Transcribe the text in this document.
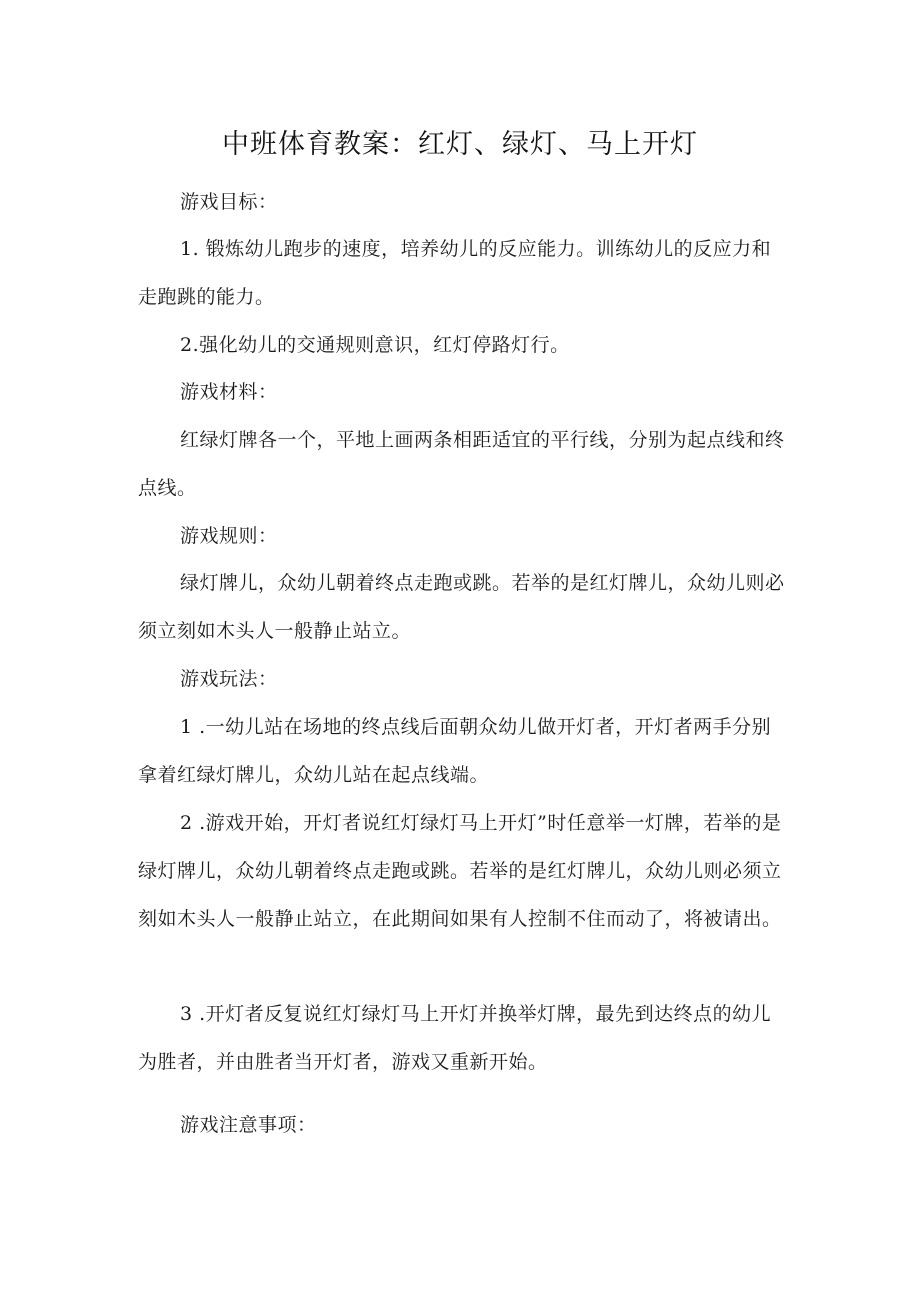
中班体育教案：红灯、绿灯、马上开灯

游戏目标：

1. 锻炼幼儿跑步的速度，培养幼儿的反应能力。训练幼儿的反应力和走跑跳的能力。

2.强化幼儿的交通规则意识，红灯停路灯行。

游戏材料：

红绿灯牌各一个，平地上画两条相距适宜的平行线，分别为起点线和终点线。

游戏规则：

绿灯牌儿，众幼儿朝着终点走跑或跳。若举的是红灯牌儿，众幼儿则必须立刻如木头人一般静止站立。

游戏玩法：

1 .一幼儿站在场地的终点线后面朝众幼儿做开灯者，开灯者两手分别拿着红绿灯牌儿，众幼儿站在起点线端。

2 .游戏开始，开灯者说红灯绿灯马上开灯”时任意举一灯牌，若举的是绿灯牌儿，众幼儿朝着终点走跑或跳。若举的是红灯牌儿，众幼儿则必须立刻如木头人一般静止站立，在此期间如果有人控制不住而动了，将被请出。

3 .开灯者反复说红灯绿灯马上开灯并换举灯牌，最先到达终点的幼儿为胜者，并由胜者当开灯者，游戏又重新开始。

游戏注意事项：
